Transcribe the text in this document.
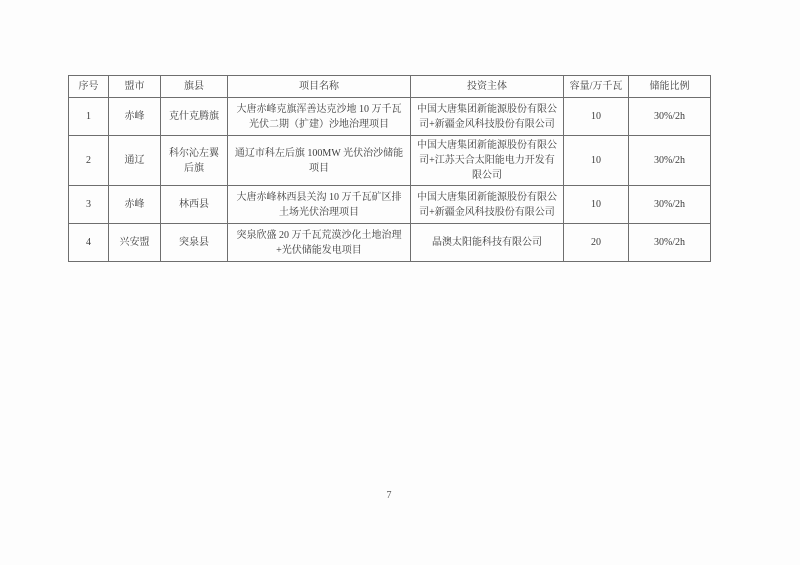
序号	盟市	旗县	项目名称	投资主体	容量/万千瓦	储能比例
1	赤峰	克什克腾旗	大唐赤峰克旗浑善达克沙地 10 万千瓦光伏二期（扩建）沙地治理项目	中国大唐集团新能源股份有限公司+新疆金风科技股份有限公司	10	30%/2h
2	通辽	科尔沁左翼后旗	通辽市科左后旗 100MW 光伏治沙储能项目	中国大唐集团新能源股份有限公司+江苏天合太阳能电力开发有限公司	10	30%/2h
3	赤峰	林西县	大唐赤峰林西县关沟 10 万千瓦矿区排土场光伏治理项目	中国大唐集团新能源股份有限公司+新疆金风科技股份有限公司	10	30%/2h
4	兴安盟	突泉县	突泉欣盛 20 万千瓦荒漠沙化土地治理+光伏储能发电项目	晶澳太阳能科技有限公司	20	30%/2h
7
